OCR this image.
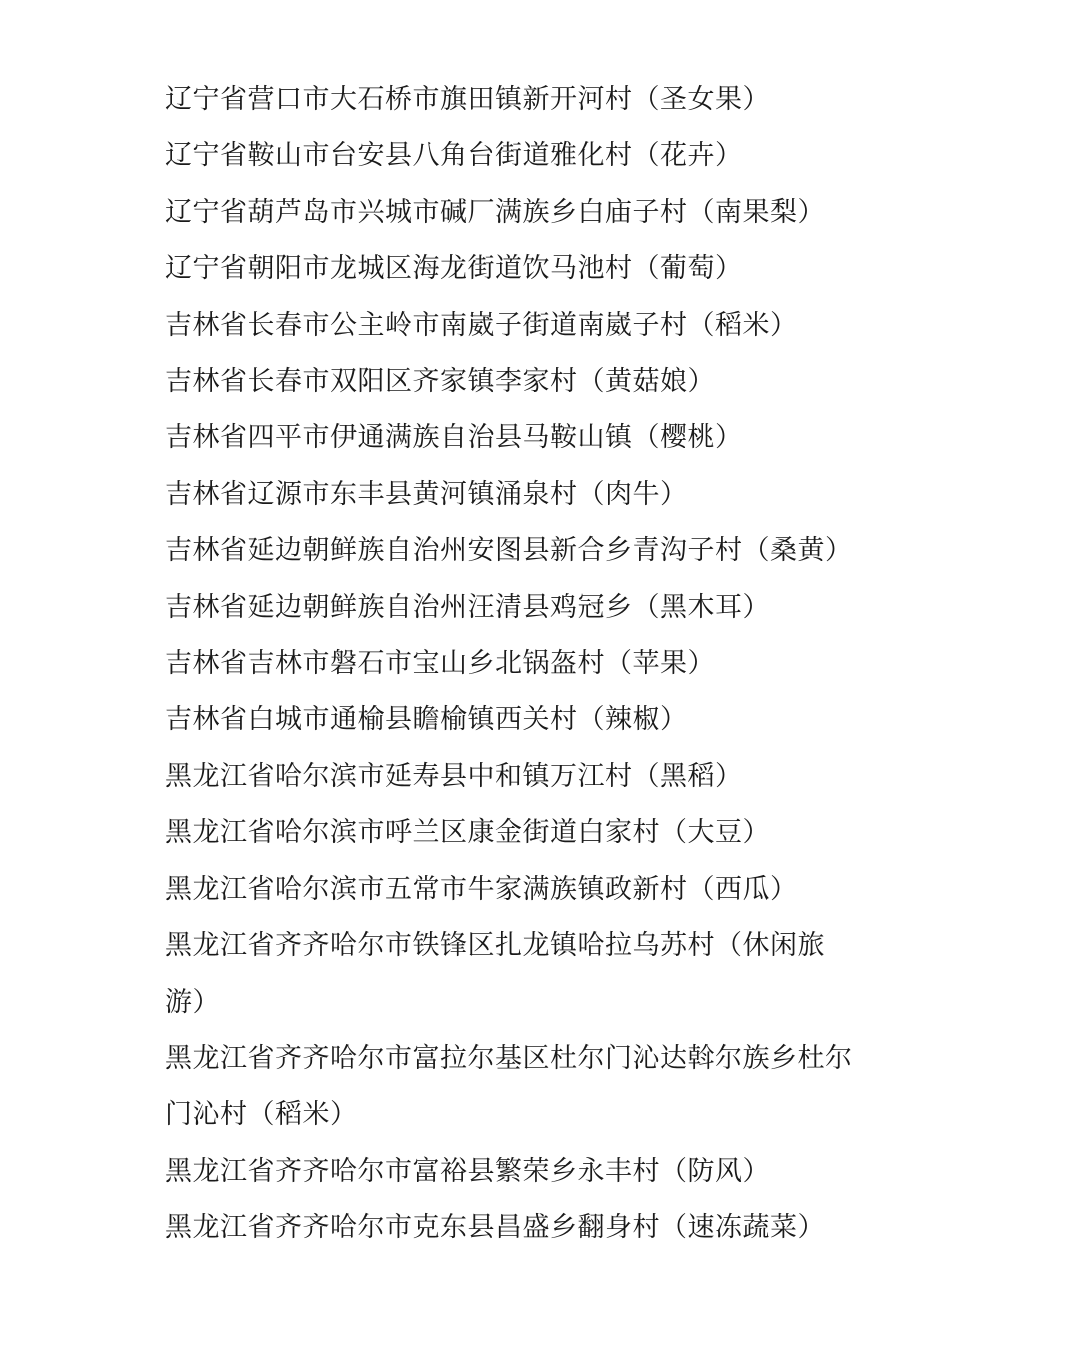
辽宁省营口市大石桥市旗田镇新开河村（圣女果）
辽宁省鞍山市台安县八角台街道雅化村（花卉）
辽宁省葫芦岛市兴城市碱厂满族乡白庙子村（南果梨）
辽宁省朝阳市龙城区海龙街道饮马池村（葡萄）
吉林省长春市公主岭市南崴子街道南崴子村（稻米）
吉林省长春市双阳区齐家镇李家村（黄菇娘）
吉林省四平市伊通满族自治县马鞍山镇（樱桃）
吉林省辽源市东丰县黄河镇涌泉村（肉牛）
吉林省延边朝鲜族自治州安图县新合乡青沟子村（桑黄）
吉林省延边朝鲜族自治州汪清县鸡冠乡（黑木耳）
吉林省吉林市磐石市宝山乡北锅盔村（苹果）
吉林省白城市通榆县瞻榆镇西关村（辣椒）
黑龙江省哈尔滨市延寿县中和镇万江村（黑稻）
黑龙江省哈尔滨市呼兰区康金街道白家村（大豆）
黑龙江省哈尔滨市五常市牛家满族镇政新村（西瓜）
黑龙江省齐齐哈尔市铁锋区扎龙镇哈拉乌苏村（休闲旅游）
黑龙江省齐齐哈尔市富拉尔基区杜尔门沁达斡尔族乡杜尔门沁村（稻米）
黑龙江省齐齐哈尔市富裕县繁荣乡永丰村（防风）
黑龙江省齐齐哈尔市克东县昌盛乡翻身村（速冻蔬菜）
